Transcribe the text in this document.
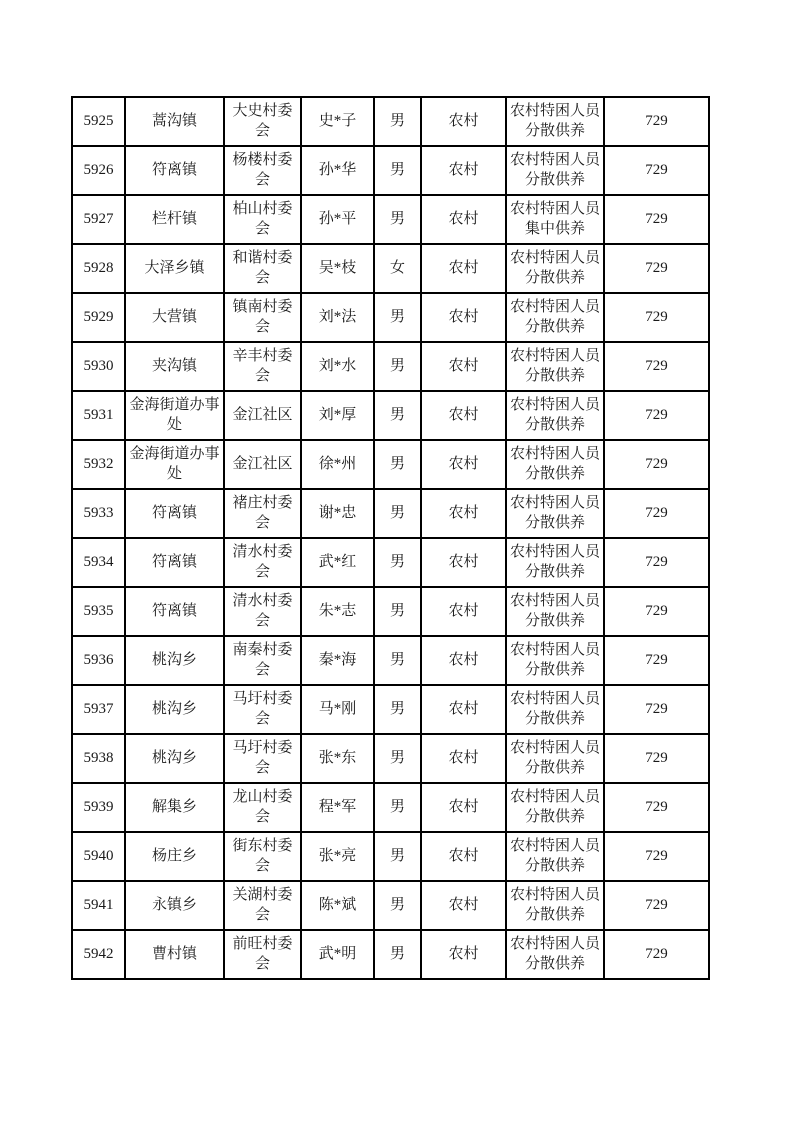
5925	蒿沟镇	大史村委会	史*子	男	农村	农村特困人员分散供养	729
5926	符离镇	杨楼村委会	孙*华	男	农村	农村特困人员分散供养	729
5927	栏杆镇	柏山村委会	孙*平	男	农村	农村特困人员集中供养	729
5928	大泽乡镇	和谐村委会	吴*枝	女	农村	农村特困人员分散供养	729
5929	大营镇	镇南村委会	刘*法	男	农村	农村特困人员分散供养	729
5930	夹沟镇	辛丰村委会	刘*水	男	农村	农村特困人员分散供养	729
5931	金海街道办事处	金江社区	刘*厚	男	农村	农村特困人员分散供养	729
5932	金海街道办事处	金江社区	徐*州	男	农村	农村特困人员分散供养	729
5933	符离镇	褚庄村委会	谢*忠	男	农村	农村特困人员分散供养	729
5934	符离镇	清水村委会	武*红	男	农村	农村特困人员分散供养	729
5935	符离镇	清水村委会	朱*志	男	农村	农村特困人员分散供养	729
5936	桃沟乡	南秦村委会	秦*海	男	农村	农村特困人员分散供养	729
5937	桃沟乡	马圩村委会	马*刚	男	农村	农村特困人员分散供养	729
5938	桃沟乡	马圩村委会	张*东	男	农村	农村特困人员分散供养	729
5939	解集乡	龙山村委会	程*军	男	农村	农村特困人员分散供养	729
5940	杨庄乡	街东村委会	张*亮	男	农村	农村特困人员分散供养	729
5941	永镇乡	关湖村委会	陈*斌	男	农村	农村特困人员分散供养	729
5942	曹村镇	前旺村委会	武*明	男	农村	农村特困人员分散供养	729
